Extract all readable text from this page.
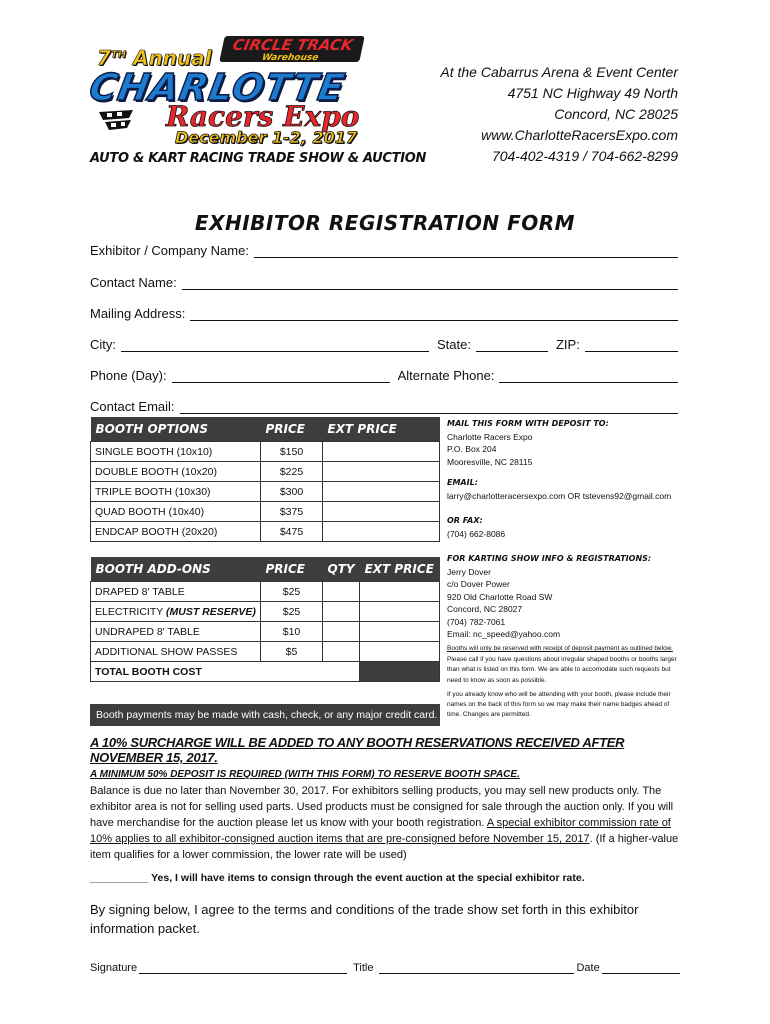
7TH Annual
CIRCLE TRACK
Warehouse
CHARLOTTE
Racers Expo
December 1-2, 2017
AUTO & KART RACING TRADE SHOW & AUCTION
At the Cabarrus Arena & Event Center
4751 NC Highway 49 North
Concord, NC 28025
www.CharlotteRacersExpo.com
704-402-4319 / 704-662-8299
EXHIBITOR REGISTRATION FORM
Exhibitor / Company Name:
Contact Name:
Mailing Address:
City:	State:	ZIP:
Phone (Day):	Alternate Phone:
Contact Email:
BOOTH OPTIONS	PRICE	EXT PRICE
SINGLE BOOTH (10x10)	$150	
DOUBLE BOOTH (10x20)	$225	
TRIPLE BOOTH (10x30)	$300	
QUAD BOOTH (10x40)	$375	
ENDCAP BOOTH (20x20)	$475	
BOOTH ADD-ONS	PRICE	QTY	EXT PRICE
DRAPED 8' TABLE	$25		
ELECTRICITY (MUST RESERVE)	$25		
UNDRAPED 8' TABLE	$10		
ADDITIONAL SHOW PASSES	$5		
TOTAL BOOTH COST			
Booth payments may be made with cash, check, or any major credit card.
MAIL THIS FORM WITH DEPOSIT TO:
Charlotte Racers Expo
P.O. Box 204
Mooresville, NC 28115
EMAIL:
larry@charlotteracersexpo.com OR tstevens92@gmail.com
OR FAX:
(704) 662-8086
FOR KARTING SHOW INFO & REGISTRATIONS:
Jerry Dover
c/o Dover Power
920 Old Charlotte Road SW
Concord, NC 28027
(704) 782-7061
Email: nc_speed@yahoo.com
Booths will only be reserved with receipt of deposit payment as outlined below. Please call if you have questions about irregular shaped booths or booths larger than what is listed on this form. We are able to accomodate such requests but need to know as soon as possible.
If you already know who will be attending with your booth, please include their names on the back of this form so we may make their name badges ahead of time. Changes are permitted.
A 10% SURCHARGE WILL BE ADDED TO ANY BOOTH RESERVATIONS RECEIVED AFTER NOVEMBER 15, 2017.
A MINIMUM 50% DEPOSIT IS REQUIRED (WITH THIS FORM) TO RESERVE BOOTH SPACE.
Balance is due no later than November 30, 2017. For exhibitors selling products, you may sell new products only. The exhibitor area is not for selling used parts. Used products must be consigned for sale through the auction only. If you will have merchandise for the auction please let us know with your booth registration. A special exhibitor commission rate of 10% applies to all exhibitor-consigned auction items that are pre-consigned before November 15, 2017. (If a higher-value item qualifies for a lower commission, the lower rate will be used)
__________ Yes, I will have items to consign through the event auction at the special exhibitor rate.
By signing below, I agree to the terms and conditions of the trade show set forth in this exhibitor information packet.
Signature	Title	Date
